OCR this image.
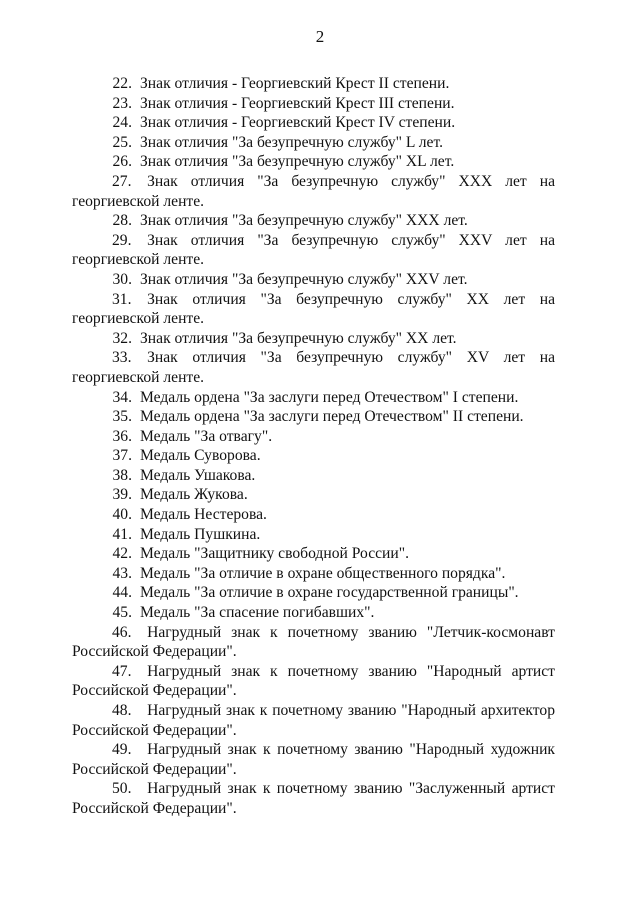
2
22. Знак отличия - Георгиевский Крест II степени.
23. Знак отличия - Георгиевский Крест III степени.
24. Знак отличия - Георгиевский Крест IV степени.
25. Знак отличия "За безупречную службу" L лет.
26. Знак отличия "За безупречную службу" XL лет.
27.  Знак отличия "За безупречную службу" XXX лет на георгиевской ленте.
28. Знак отличия "За безупречную службу" XXX лет.
29.  Знак отличия "За безупречную службу" XXV лет на георгиевской ленте.
30. Знак отличия "За безупречную службу" XXV лет.
31.  Знак отличия "За безупречную службу" XX лет на георгиевской ленте.
32. Знак отличия "За безупречную службу" XX лет.
33.  Знак отличия "За безупречную службу" XV лет на георгиевской ленте.
34. Медаль ордена "За заслуги перед Отечеством" I степени.
35. Медаль ордена "За заслуги перед Отечеством" II степени.
36. Медаль "За отвагу".
37. Медаль Суворова.
38. Медаль Ушакова.
39. Медаль Жукова.
40. Медаль Нестерова.
41. Медаль Пушкина.
42. Медаль "Защитнику свободной России".
43. Медаль "За отличие в охране общественного порядка".
44. Медаль "За отличие в охране государственной границы".
45. Медаль "За спасение погибавших".
46.  Нагрудный знак к почетному званию "Летчик-космонавт Российской Федерации".
47.  Нагрудный знак к почетному званию "Народный артист Российской Федерации".
48.  Нагрудный знак к почетному званию "Народный архитектор Российской Федерации".
49.  Нагрудный знак к почетному званию "Народный художник Российской Федерации".
50.  Нагрудный знак к почетному званию "Заслуженный артист Российской Федерации".
